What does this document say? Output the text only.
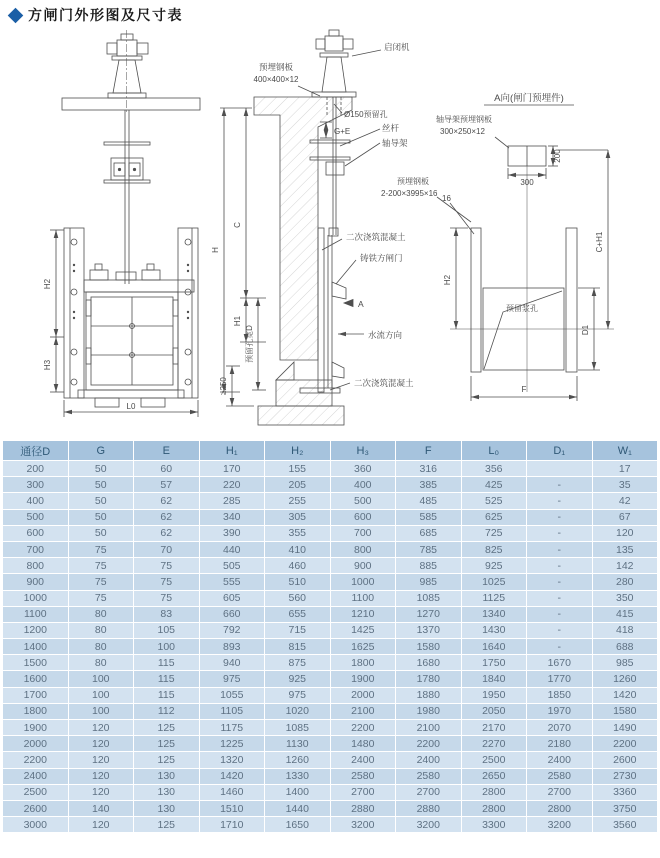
方闸门外形图及尺寸表
预埋钢板
400×400×12
启闭机
Ø150预留孔
G+E	丝杆
轴导架
二次浇筑混凝土
铸铁方闸门
A
水流方向
二次浇筑混凝土
A向(闸门预埋件)
轴导架预埋钢板
300×250×12
预埋钢板
2-200×3995×16
16
预留浆孔
300
200
H
C
H1
预留孔宽D
≥250
H2
H3
L0
H2
C+H1
D1
F
通径D	G	E	H₁	H₂	H₃	F	L₀	D₁	W₁
200	50	60	170	155	360	316	356		17
300	50	57	220	205	400	385	425	-	35
400	50	62	285	255	500	485	525	-	42
500	50	62	340	305	600	585	625	-	67
600	50	62	390	355	700	685	725	-	120
700	75	70	440	410	800	785	825	-	135
800	75	75	505	460	900	885	925	-	142
900	75	75	555	510	1000	985	1025	-	280
1000	75	75	605	560	1100	1085	1125	-	350
1100	80	83	660	655	1210	1270	1340	-	415
1200	80	105	792	715	1425	1370	1430	-	418
1400	80	100	893	815	1625	1580	1640	-	688
1500	80	115	940	875	1800	1680	1750	1670	985
1600	100	115	975	925	1900	1780	1840	1770	1260
1700	100	115	1055	975	2000	1880	1950	1850	1420
1800	100	112	1105	1020	2100	1980	2050	1970	1580
1900	120	125	1175	1085	2200	2100	2170	2070	1490
2000	120	125	1225	1130	1480	2200	2270	2180	2200
2200	120	125	1320	1260	2400	2400	2500	2400	2600
2400	120	130	1420	1330	2580	2580	2650	2580	2730
2500	120	130	1460	1400	2700	2700	2800	2700	3360
2600	140	130	1510	1440	2880	2880	2800	2800	3750
3000	120	125	1710	1650	3200	3200	3300	3200	3560
